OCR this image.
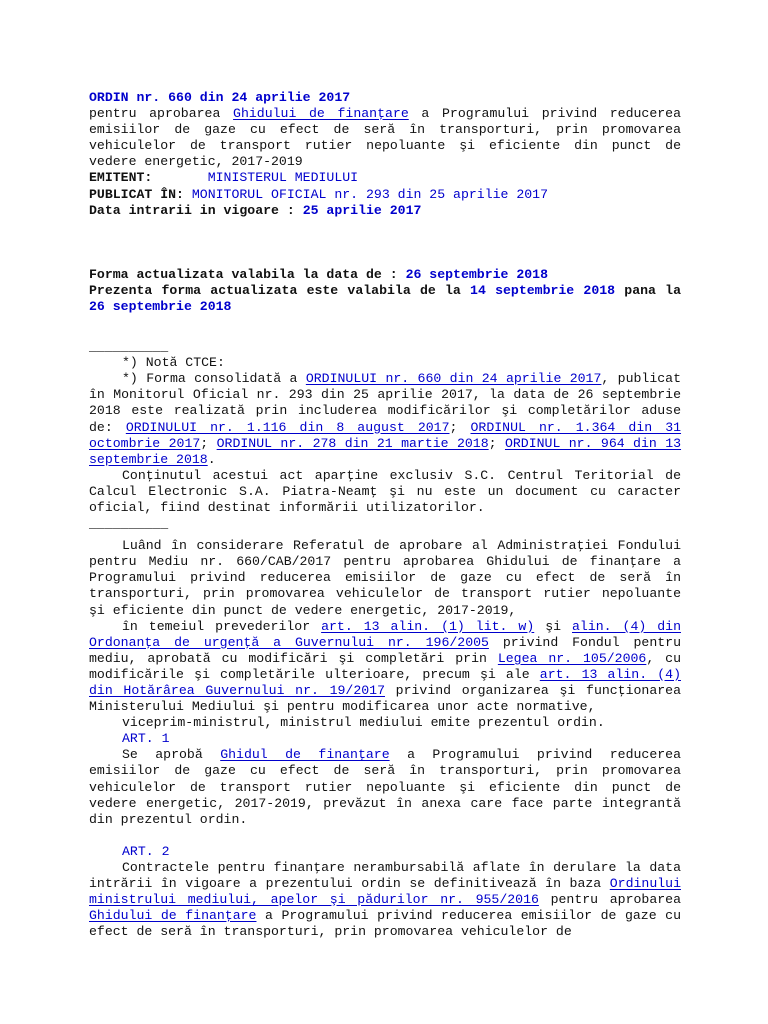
ORDIN nr. 660 din 24 aprilie 2017

pentru aprobarea Ghidului de finanţare a Programului privind reducerea emisiilor de gaze cu efect de seră în transporturi, prin promovarea vehiculelor de transport rutier nepoluante şi eficiente din punct de vedere energetic, 2017-2019

EMITENT:	MINISTERUL MEDIULUI

PUBLICAT ÎN: MONITORUL OFICIAL nr. 293 din 25 aprilie 2017

Data intrarii in vigoare : 25 aprilie 2017

Forma actualizata valabila la data de : 26 septembrie 2018

Prezenta forma actualizata este valabila de la 14 septembrie 2018 pana la 26 septembrie 2018

__________

*) Notă CTCE:

*) Forma consolidată a ORDINULUI nr. 660 din 24 aprilie 2017, publicat în Monitorul Oficial nr. 293 din 25 aprilie 2017, la data de 26 septembrie 2018 este realizată prin includerea modificărilor şi completărilor aduse de: ORDINULUI nr. 1.116 din 8 august 2017; ORDINUL nr. 1.364 din 31 octombrie 2017; ORDINUL nr. 278 din 21 martie 2018; ORDINUL nr. 964 din 13 septembrie 2018.

Conţinutul acestui act aparţine exclusiv S.C. Centrul Teritorial de Calcul Electronic S.A. Piatra-Neamţ şi nu este un document cu caracter oficial, fiind destinat informării utilizatorilor.

__________

Luând în considerare Referatul de aprobare al Administraţiei Fondului pentru Mediu nr. 660/CAB/2017 pentru aprobarea Ghidului de finanţare a Programului privind reducerea emisiilor de gaze cu efect de seră în transporturi, prin promovarea vehiculelor de transport rutier nepoluante şi eficiente din punct de vedere energetic, 2017-2019,

în temeiul prevederilor art. 13 alin. (1) lit. w) şi alin. (4) din Ordonanţa de urgenţă a Guvernului nr. 196/2005 privind Fondul pentru mediu, aprobată cu modificări şi completări prin Legea nr. 105/2006, cu modificările şi completările ulterioare, precum şi ale art. 13 alin. (4) din Hotărârea Guvernului nr. 19/2017 privind organizarea şi funcţionarea Ministerului Mediului şi pentru modificarea unor acte normative,

viceprim-ministrul, ministrul mediului emite prezentul ordin.

ART. 1

Se aprobă Ghidul de finanţare a Programului privind reducerea emisiilor de gaze cu efect de seră în transporturi, prin promovarea vehiculelor de transport rutier nepoluante şi eficiente din punct de vedere energetic, 2017-2019, prevăzut în anexa care face parte integrantă din prezentul ordin.

ART. 2

Contractele pentru finanţare nerambursabilă aflate în derulare la data intrării în vigoare a prezentului ordin se definitivează în baza Ordinului ministrului mediului, apelor şi pădurilor nr. 955/2016 pentru aprobarea Ghidului de finanţare a Programului privind reducerea emisiilor de gaze cu efect de seră în transporturi, prin promovarea vehiculelor de
